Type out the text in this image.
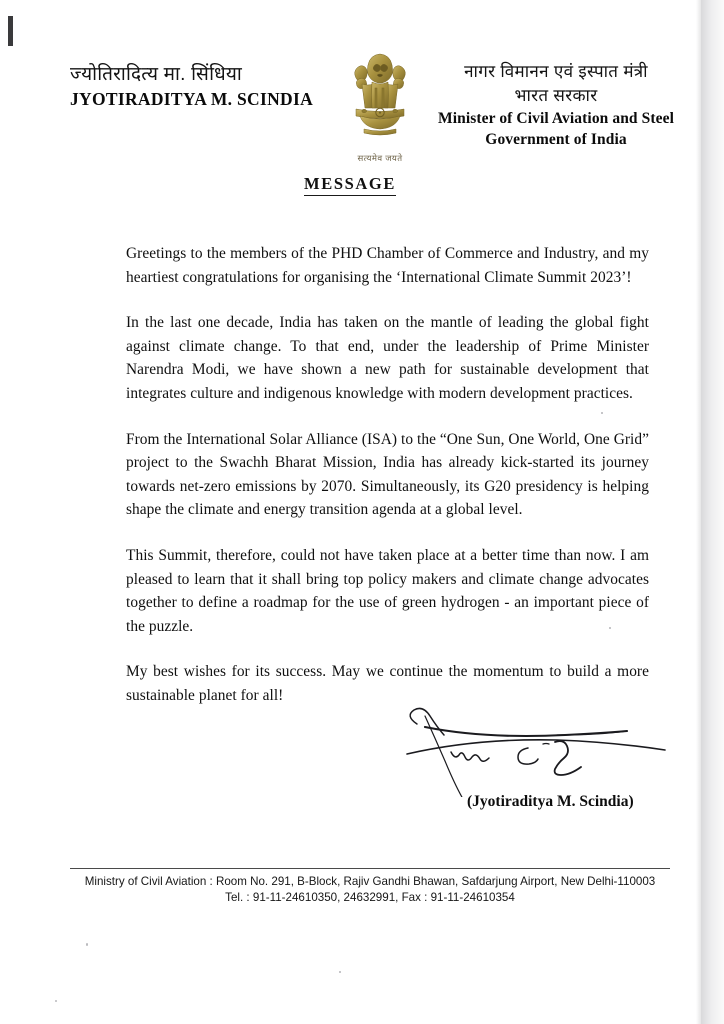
ज्योतिरादित्य मा. सिंधिया
JYOTIRADITYA M. SCINDIA
सत्यमेव जयते
नागर विमानन एवं इस्पात मंत्री
भारत सरकार
Minister of Civil Aviation and Steel
Government of India
MESSAGE

Greetings to the members of the PHD Chamber of Commerce and Industry, and my heartiest congratulations for organising the ‘International Climate Summit 2023’!

In the last one decade, India has taken on the mantle of leading the global fight against climate change. To that end, under the leadership of Prime Minister Narendra Modi, we have shown a new path for sustainable development that integrates culture and indigenous knowledge with modern development practices.

From the International Solar Alliance (ISA) to the “One Sun, One World, One Grid” project to the Swachh Bharat Mission, India has already kick-started its journey towards net-zero emissions by 2070. Simultaneously, its G20 presidency is helping shape the climate and energy transition agenda at a global level.

This Summit, therefore, could not have taken place at a better time than now. I am pleased to learn that it shall bring top policy makers and climate change advocates together to define a roadmap for the use of green hydrogen - an important piece of the puzzle.

My best wishes for its success. May we continue the momentum to build a more sustainable planet for all!

(Jyotiraditya M. Scindia)
Ministry of Civil Aviation : Room No. 291, B-Block, Rajiv Gandhi Bhawan, Safdarjung Airport, New Delhi-110003
Tel. : 91-11-24610350, 24632991, Fax : 91-11-24610354
